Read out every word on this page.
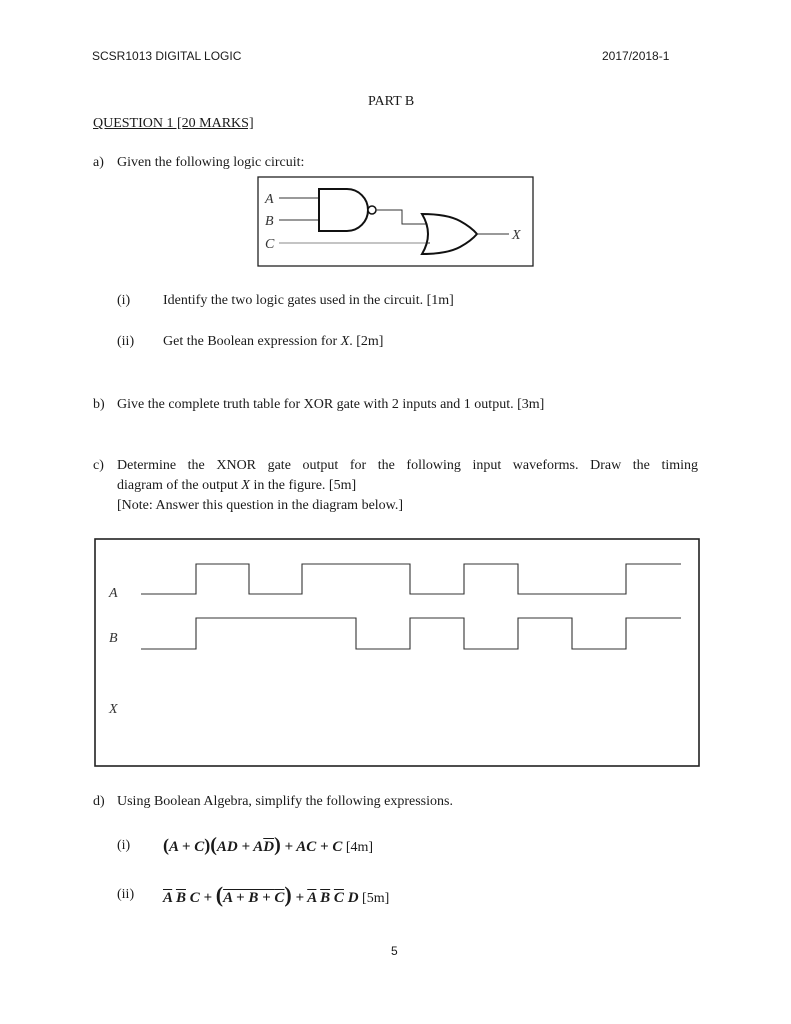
SCSR1013 DIGITAL LOGIC	2017/2018-1
PART B
QUESTION 1 [20 MARKS]
a) Given the following logic circuit:
A
B
C
X
(i) Identify the two logic gates used in the circuit. [1m]
(ii) Get the Boolean expression for X. [2m]
b) Give the complete truth table for XOR gate with 2 inputs and 1 output. [3m]
c) Determine the XNOR gate output for the following input waveforms. Draw the timing
diagram of the output X in the figure. [5m]
[Note: Answer this question in the diagram below.]
A
B
X
d) Using Boolean Algebra, simplify the following expressions.
(i) $(A + C)(AD + A\overline{D})$ + AC + C [4m]
(ii) $\overline{A}$ $\overline{B}$ $C + (A + B + C) + \overline{A}$ $\overline{B}$ $\overline{C}$ D [5m]
5
